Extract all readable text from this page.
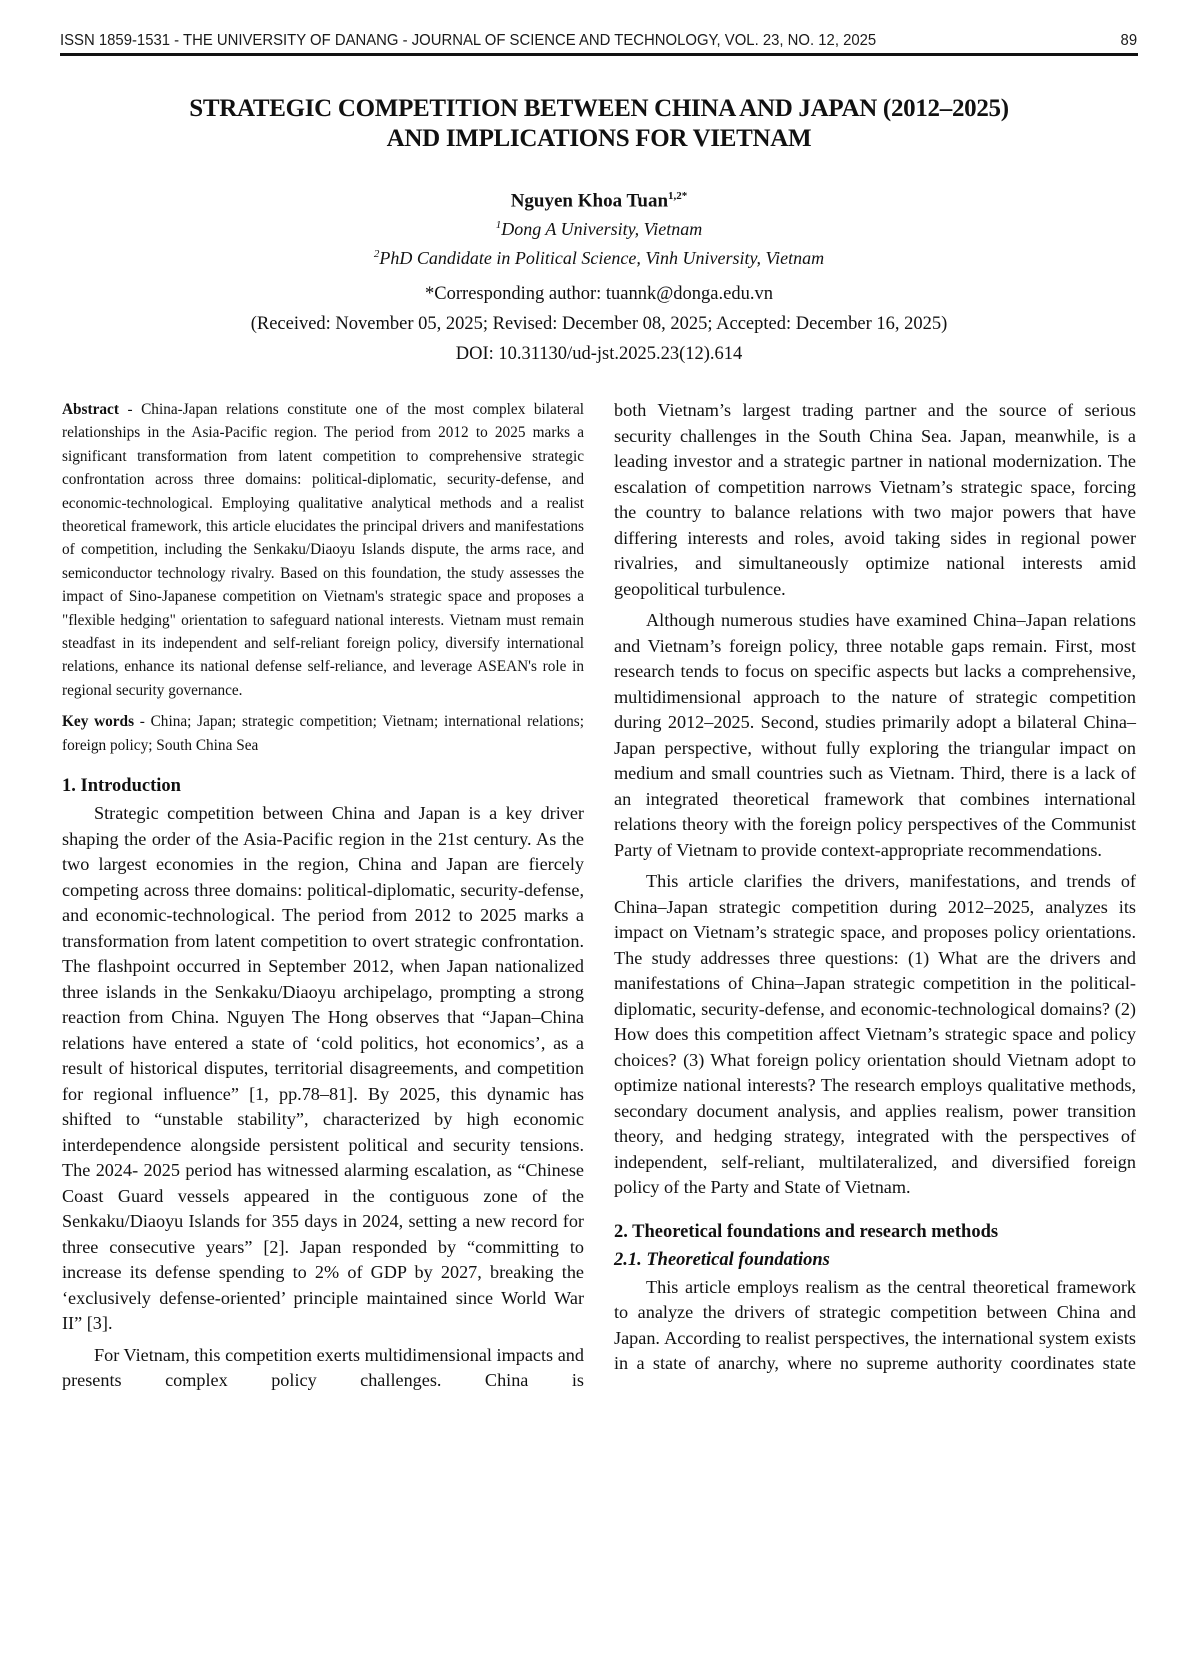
ISSN 1859-1531 - THE UNIVERSITY OF DANANG - JOURNAL OF SCIENCE AND TECHNOLOGY, VOL. 23, NO. 12, 2025	89
STRATEGIC COMPETITION BETWEEN CHINA AND JAPAN (2012–2025)
AND IMPLICATIONS FOR VIETNAM
Nguyen Khoa Tuan$^{1,2*}$
$^1$Dong A University, Vietnam
$^2$PhD Candidate in Political Science, Vinh University, Vietnam
*Corresponding author: tuannk@donga.edu.vn
(Received: November 05, 2025; Revised: December 08, 2025; Accepted: December 16, 2025)
DOI: 10.31130/ud-jst.2025.23(12).614

Abstract - China-Japan relations constitute one of the most complex bilateral relationships in the Asia-Pacific region. The period from 2012 to 2025 marks a significant transformation from latent competition to comprehensive strategic confrontation across three domains: political-diplomatic, security-defense, and economic-technological. Employing qualitative analytical methods and a realist theoretical framework, this article elucidates the principal drivers and manifestations of competition, including the Senkaku/Diaoyu Islands dispute, the arms race, and semiconductor technology rivalry. Based on this foundation, the study assesses the impact of Sino-Japanese competition on Vietnam's strategic space and proposes a "flexible hedging" orientation to safeguard national interests. Vietnam must remain steadfast in its independent and self-reliant foreign policy, diversify international relations, enhance its national defense self-reliance, and leverage ASEAN's role in regional security governance.

Key words - China; Japan; strategic competition; Vietnam; international relations; foreign policy; South China Sea

1. Introduction

Strategic competition between China and Japan is a key driver shaping the order of the Asia-Pacific region in the 21st century. As the two largest economies in the region, China and Japan are fiercely competing across three domains: political-diplomatic, security-defense, and economic-technological. The period from 2012 to 2025 marks a transformation from latent competition to overt strategic confrontation. The flashpoint occurred in September 2012, when Japan nationalized three islands in the Senkaku/Diaoyu archipelago, prompting a strong reaction from China. Nguyen The Hong observes that “Japan–China relations have entered a state of ‘cold politics, hot economics’, as a result of historical disputes, territorial disagreements, and competition for regional influence” [1, pp.78–81]. By 2025, this dynamic has shifted to “unstable stability”, characterized by high economic interdependence alongside persistent political and security tensions. The 2024- 2025 period has witnessed alarming escalation, as “Chinese Coast Guard vessels appeared in the contiguous zone of the Senkaku/Diaoyu Islands for 355 days in 2024, setting a new record for three consecutive years” [2]. Japan responded by “committing to increase its defense spending to 2% of GDP by 2027, breaking the ‘exclusively defense-oriented’ principle maintained since World War II” [3].

For Vietnam, this competition exerts multidimensional impacts and presents complex policy challenges. China is

both Vietnam’s largest trading partner and the source of serious security challenges in the South China Sea. Japan, meanwhile, is a leading investor and a strategic partner in national modernization. The escalation of competition narrows Vietnam’s strategic space, forcing the country to balance relations with two major powers that have differing interests and roles, avoid taking sides in regional power rivalries, and simultaneously optimize national interests amid geopolitical turbulence.

Although numerous studies have examined China–Japan relations and Vietnam’s foreign policy, three notable gaps remain. First, most research tends to focus on specific aspects but lacks a comprehensive, multidimensional approach to the nature of strategic competition during 2012–2025. Second, studies primarily adopt a bilateral China–Japan perspective, without fully exploring the triangular impact on medium and small countries such as Vietnam. Third, there is a lack of an integrated theoretical framework that combines international relations theory with the foreign policy perspectives of the Communist Party of Vietnam to provide context-appropriate recommendations.

This article clarifies the drivers, manifestations, and trends of China–Japan strategic competition during 2012–2025, analyzes its impact on Vietnam’s strategic space, and proposes policy orientations. The study addresses three questions: (1) What are the drivers and manifestations of China–Japan strategic competition in the political-diplomatic, security-defense, and economic-technological domains? (2) How does this competition affect Vietnam’s strategic space and policy choices? (3) What foreign policy orientation should Vietnam adopt to optimize national interests? The research employs qualitative methods, secondary document analysis, and applies realism, power transition theory, and hedging strategy, integrated with the perspectives of independent, self-reliant, multilateralized, and diversified foreign policy of the Party and State of Vietnam.

2. Theoretical foundations and research methods
2.1. Theoretical foundations

This article employs realism as the central theoretical framework to analyze the drivers of strategic competition between China and Japan. According to realist perspectives, the international system exists in a state of anarchy, where no supreme authority coordinates state
